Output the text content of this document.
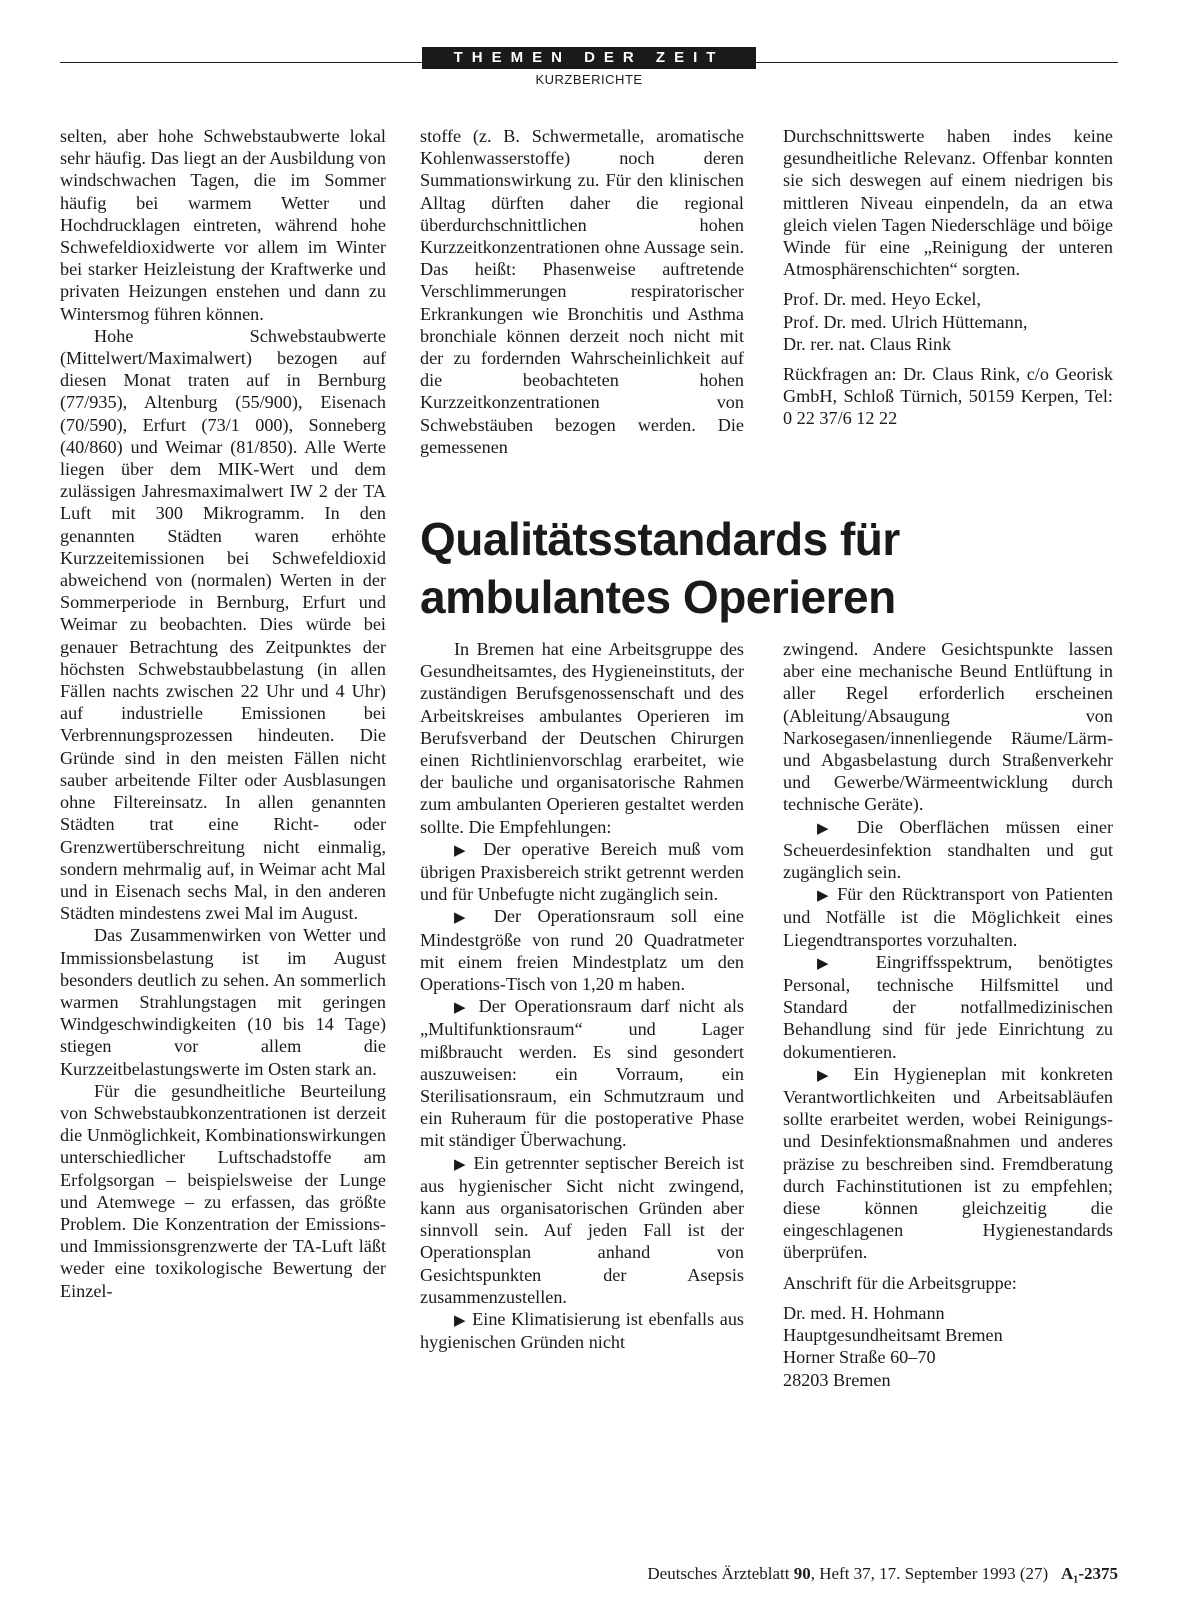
THEMEN DER ZEIT
KURZBERICHTE

selten, aber hohe Schwebstaubwerte lokal sehr häufig. Das liegt an der Ausbildung von windschwachen Tagen, die im Sommer häufig bei warmem Wetter und Hochdrucklagen eintreten, während hohe Schwefeldioxidwerte vor allem im Winter bei starker Heizleistung der Kraftwerke und privaten Heizungen enstehen und dann zu Wintersmog führen können.

Hohe Schwebstaubwerte (Mittelwert/Maximalwert) bezogen auf diesen Monat traten auf in Bernburg (77/935), Altenburg (55/900), Eisenach (70/590), Erfurt (73/1 000), Sonneberg (40/860) und Weimar (81/850). Alle Werte liegen über dem MIK-Wert und dem zulässigen Jahresmaximalwert IW 2 der TA Luft mit 300 Mikrogramm. In den genannten Städten waren erhöhte Kurzzeitemissionen bei Schwefeldioxid abweichend von (normalen) Werten in der Sommerperiode in Bernburg, Erfurt und Weimar zu beobachten. Dies würde bei genauer Betrachtung des Zeitpunktes der höchsten Schwebstaubbelastung (in allen Fällen nachts zwischen 22 Uhr und 4 Uhr) auf industrielle Emissionen bei Verbrennungsprozessen hindeuten. Die Gründe sind in den meisten Fällen nicht sauber arbeitende Filter oder Ausblasungen ohne Filtereinsatz. In allen genannten Städten trat eine Richt- oder Grenzwertüberschreitung nicht einmalig, sondern mehrmalig auf, in Weimar acht Mal und in Eisenach sechs Mal, in den anderen Städten mindestens zwei Mal im August.

Das Zusammenwirken von Wetter und Immissionsbelastung ist im August besonders deutlich zu sehen. An sommerlich warmen Strahlungstagen mit geringen Windgeschwindigkeiten (10 bis 14 Tage) stiegen vor allem die Kurzzeitbelastungswerte im Osten stark an.

Für die gesundheitliche Beurteilung von Schwebstaubkonzentrationen ist derzeit die Unmöglichkeit, Kombinationswirkungen unterschiedlicher Luftschadstoffe am Erfolgsorgan – beispielsweise der Lunge und Atemwege – zu erfassen, das größte Problem. Die Konzentration der Emissions- und Immissionsgrenzwerte der TA-Luft läßt weder eine toxikologische Bewertung der Einzel-

stoffe (z. B. Schwermetalle, aromatische Kohlenwasserstoffe) noch deren Summationswirkung zu. Für den klinischen Alltag dürften daher die regional überdurchschnittlichen hohen Kurzzeitkonzentrationen ohne Aussage sein. Das heißt: Phasenweise auftretende Verschlimmerungen respiratorischer Erkrankungen wie Bronchitis und Asthma bronchiale können derzeit noch nicht mit der zu fordernden Wahrscheinlichkeit auf die beobachteten hohen Kurzzeitkonzentrationen von Schwebstäuben bezogen werden. Die gemessenen

Durchschnittswerte haben indes keine gesundheitliche Relevanz. Offenbar konnten sie sich deswegen auf einem niedrigen bis mittleren Niveau einpendeln, da an etwa gleich vielen Tagen Niederschläge und böige Winde für eine „Reinigung der unteren Atmosphärenschichten“ sorgten.

Prof. Dr. med. Heyo Eckel,

Prof. Dr. med. Ulrich Hüttemann,

Dr. rer. nat. Claus Rink

Rückfragen an: Dr. Claus Rink, c/o Georisk GmbH, Schloß Türnich, 50159 Kerpen, Tel: 0 22 37/6 12 22

Qualitätsstandards für
ambulantes Operieren

In Bremen hat eine Arbeitsgruppe des Gesundheitsamtes, des Hygieneinstituts, der zuständigen Berufsgenossenschaft und des Arbeitskreises ambulantes Operieren im Berufsverband der Deutschen Chirurgen einen Richtlinienvorschlag erarbeitet, wie der bauliche und organisatorische Rahmen zum ambulanten Operieren gestaltet werden sollte. Die Empfehlungen:

▶ Der operative Bereich muß vom übrigen Praxisbereich strikt getrennt werden und für Unbefugte nicht zugänglich sein.

▶ Der Operationsraum soll eine Mindestgröße von rund 20 Quadratmeter mit einem freien Mindestplatz um den Operations-Tisch von 1,20 m haben.

▶ Der Operationsraum darf nicht als „Multifunktionsraum“ und Lager mißbraucht werden. Es sind gesondert auszuweisen: ein Vorraum, ein Sterilisationsraum, ein Schmutzraum und ein Ruheraum für die postoperative Phase mit ständiger Überwachung.

▶ Ein getrennter septischer Bereich ist aus hygienischer Sicht nicht zwingend, kann aus organisatorischen Gründen aber sinnvoll sein. Auf jeden Fall ist der Operationsplan anhand von Gesichtspunkten der Asepsis zusammenzustellen.

▶ Eine Klimatisierung ist ebenfalls aus hygienischen Gründen nicht

zwingend. Andere Gesichtspunkte lassen aber eine mechanische Beund Entlüftung in aller Regel erforderlich erscheinen (Ableitung/Absaugung von Narkosegasen/innenliegende Räume/Lärm- und Abgasbelastung durch Straßenverkehr und Gewerbe/Wärmeentwicklung durch technische Geräte).

▶ Die Oberflächen müssen einer Scheuerdesinfektion standhalten und gut zugänglich sein.

▶ Für den Rücktransport von Patienten und Notfälle ist die Möglichkeit eines Liegendtransportes vorzuhalten.

▶ Eingriffsspektrum, benötigtes Personal, technische Hilfsmittel und Standard der notfallmedizinischen Behandlung sind für jede Einrichtung zu dokumentieren.

▶ Ein Hygieneplan mit konkreten Verantwortlichkeiten und Arbeitsabläufen sollte erarbeitet werden, wobei Reinigungs- und Desinfektionsmaßnahmen und anderes präzise zu beschreiben sind. Fremdberatung durch Fachinstitutionen ist zu empfehlen; diese können gleichzeitig die eingeschlagenen Hygienestandards überprüfen.

Anschrift für die Arbeitsgruppe:

Dr. med. H. Hohmann

Hauptgesundheitsamt Bremen

Horner Straße 60–70

28203 Bremen

Deutsches Ärzteblatt 90, Heft 37, 17. September 1993 (27) A₁-2375
